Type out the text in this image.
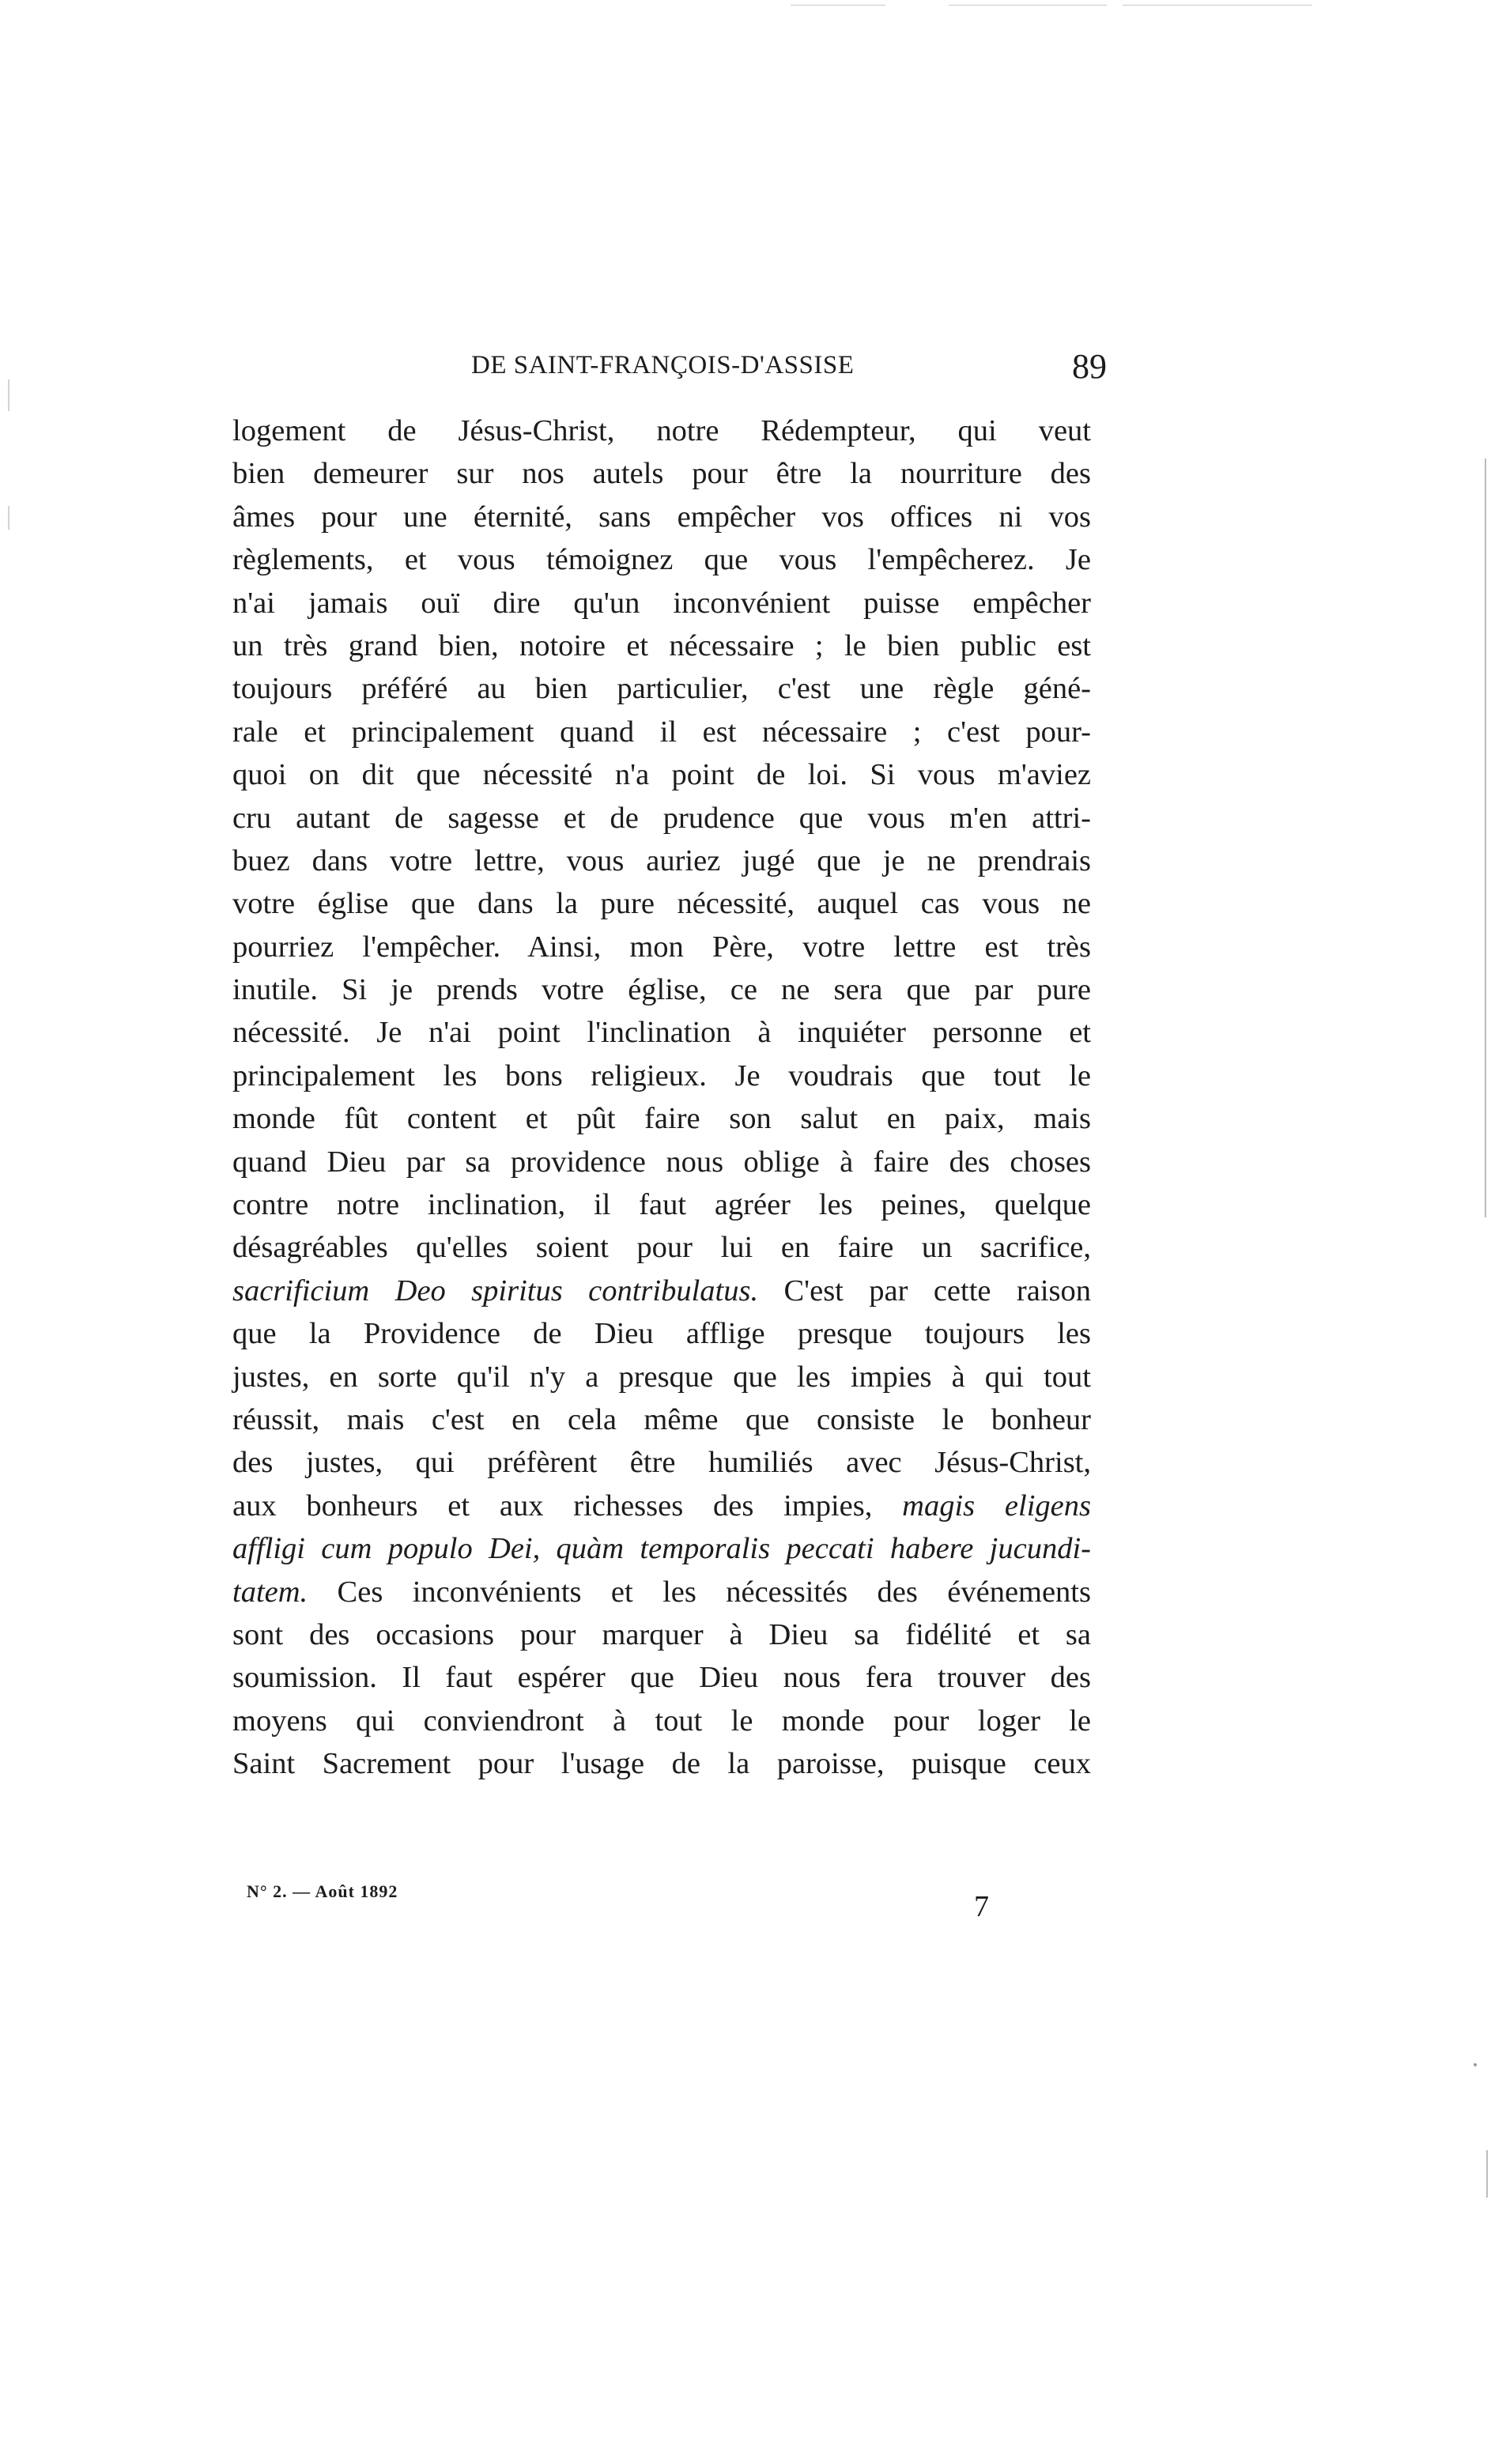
DE SAINT-FRANÇOIS-D'ASSISE	89
logement de Jésus-Christ, notre Rédempteur, qui veut
bien demeurer sur nos autels pour être la nourriture des
âmes pour une éternité, sans empêcher vos offices ni vos
règlements, et vous témoignez que vous l'empêcherez. Je
n'ai jamais ouï dire qu'un inconvénient puisse empêcher
un très grand bien, notoire et nécessaire ; le bien public est
toujours préféré au bien particulier, c'est une règle géné-
rale et principalement quand il est nécessaire ; c'est pour-
quoi on dit que nécessité n'a point de loi. Si vous m'aviez
cru autant de sagesse et de prudence que vous m'en attri-
buez dans votre lettre, vous auriez jugé que je ne prendrais
votre église que dans la pure nécessité, auquel cas vous ne
pourriez l'empêcher. Ainsi, mon Père, votre lettre est très
inutile. Si je prends votre église, ce ne sera que par pure
nécessité. Je n'ai point l'inclination à inquiéter personne et
principalement les bons religieux. Je voudrais que tout le
monde fût content et pût faire son salut en paix, mais
quand Dieu par sa providence nous oblige à faire des choses
contre notre inclination, il faut agréer les peines, quelque
désagréables qu'elles soient pour lui en faire un sacrifice,
sacrificium Deo spiritus contribulatus. C'est par cette raison
que la Providence de Dieu afflige presque toujours les
justes, en sorte qu'il n'y a presque que les impies à qui tout
réussit, mais c'est en cela même que consiste le bonheur
des justes, qui préfèrent être humiliés avec Jésus-Christ,
aux bonheurs et aux richesses des impies, magis eligens
affligi cum populo Dei, quàm temporalis peccati habere jucundi-
tatem. Ces inconvénients et les nécessités des événements
sont des occasions pour marquer à Dieu sa fidélité et sa
soumission. Il faut espérer que Dieu nous fera trouver des
moyens qui conviendront à tout le monde pour loger le
Saint Sacrement pour l'usage de la paroisse, puisque ceux
N° 2. — Août 1892	7
